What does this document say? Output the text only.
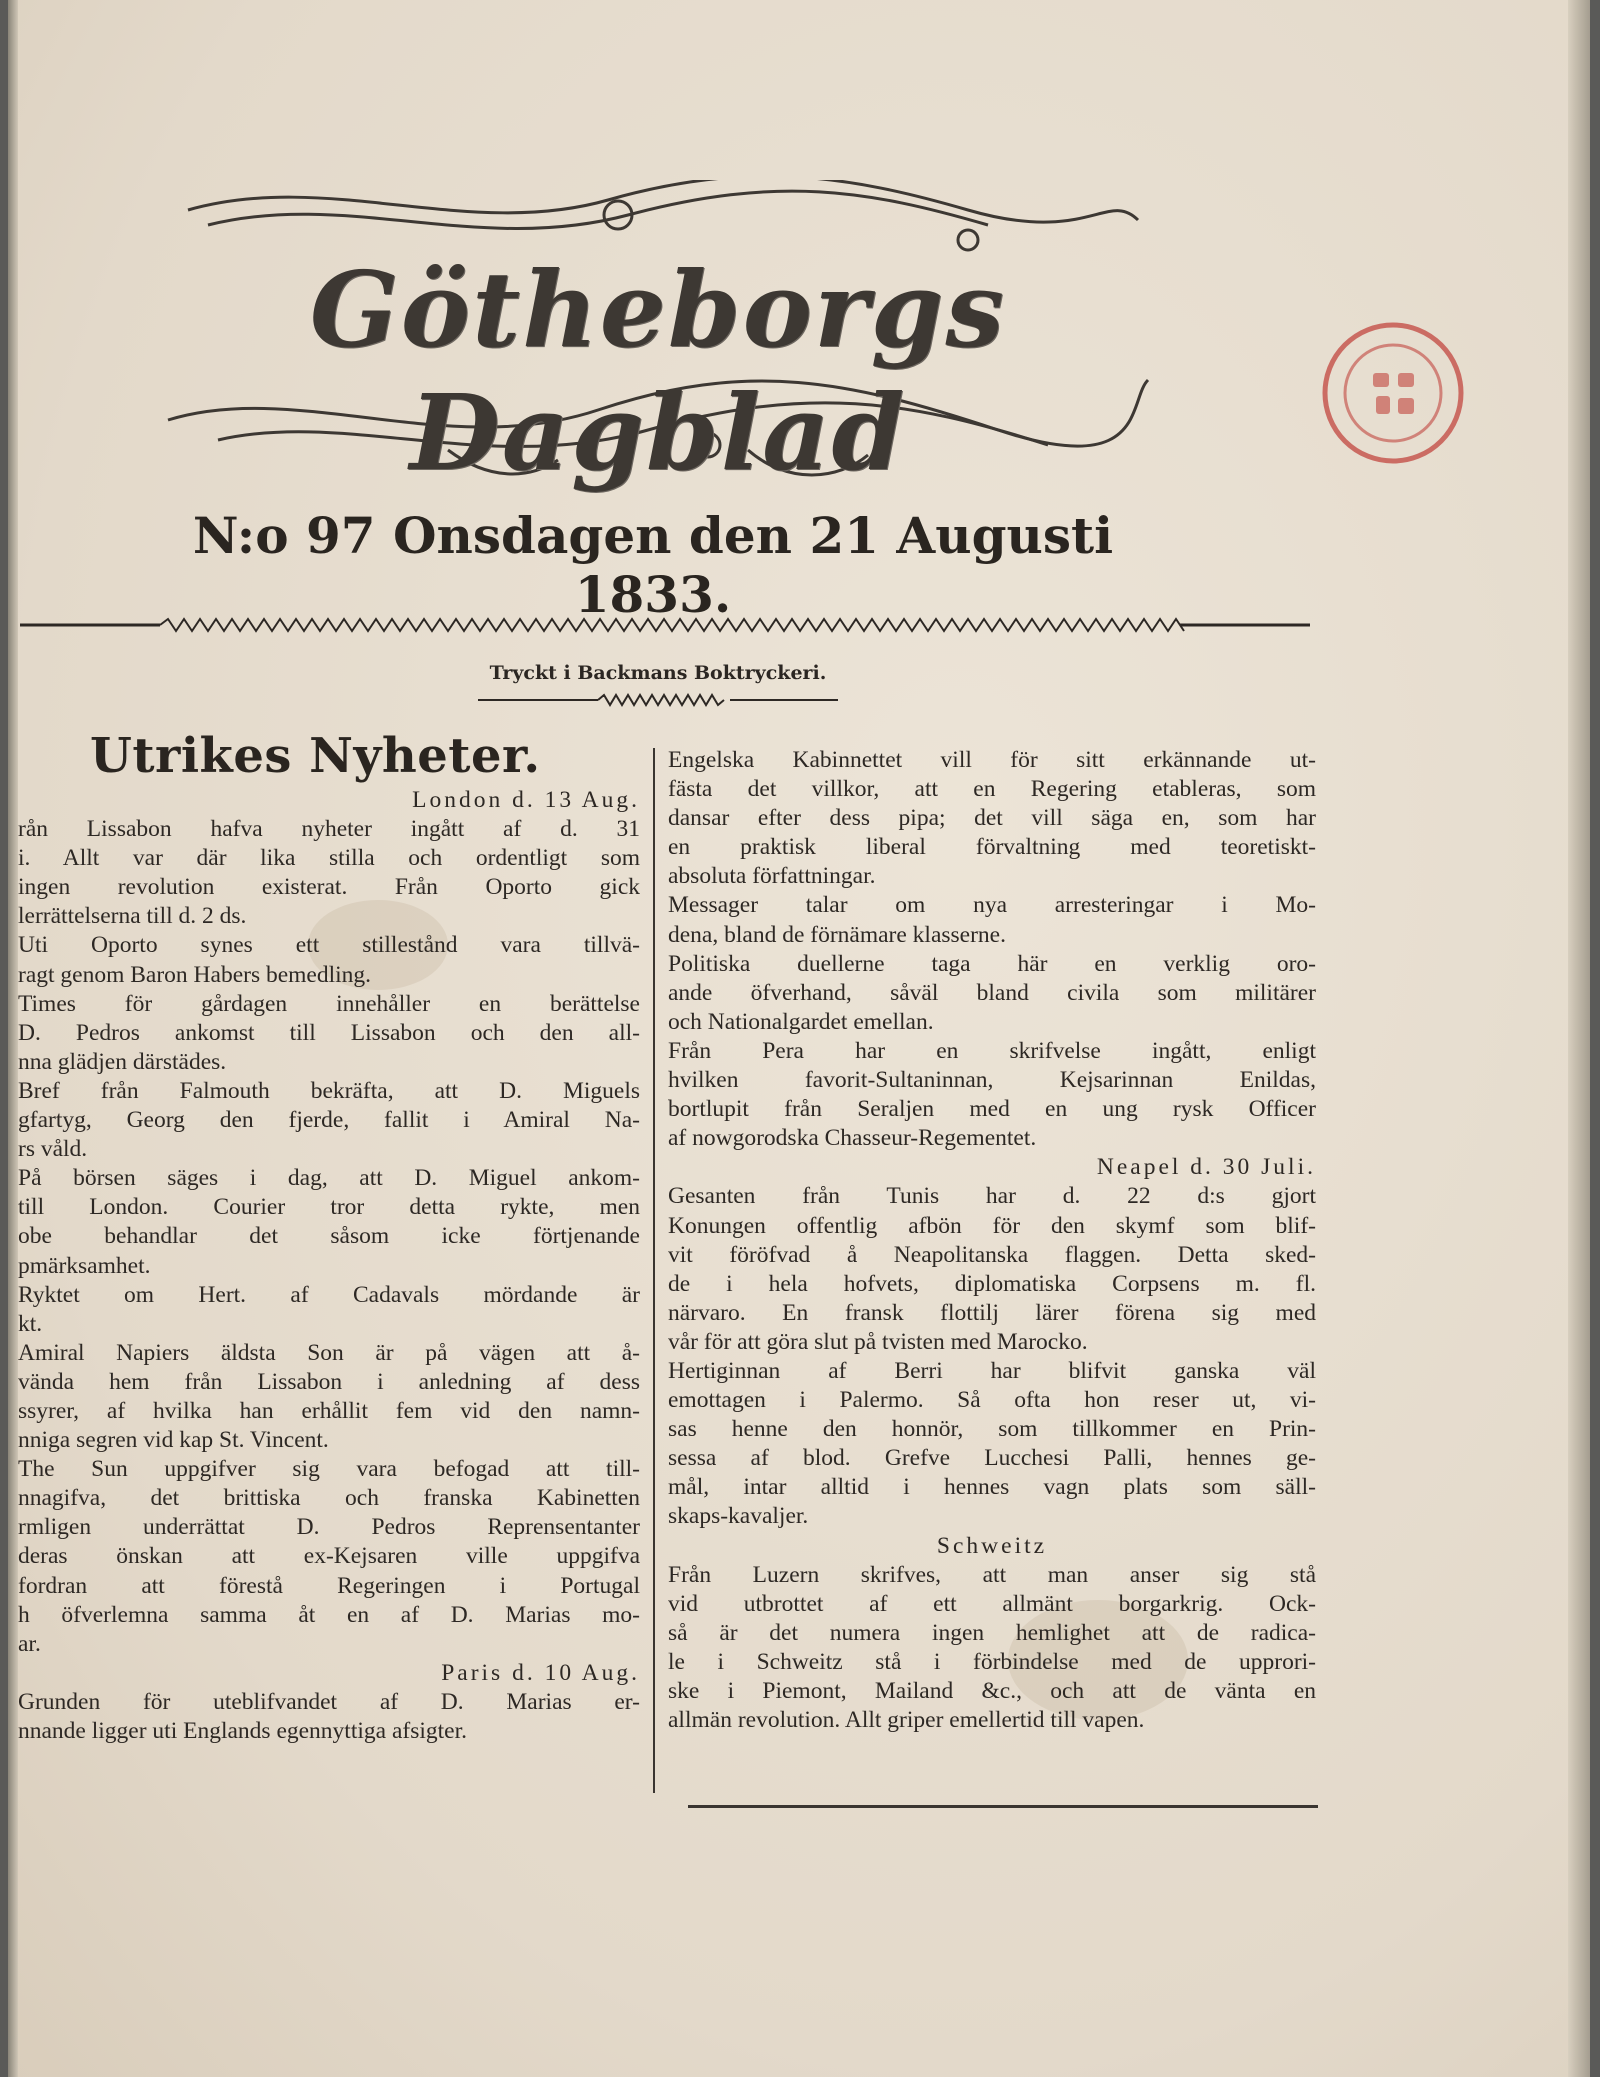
Götheborgs Dagblad
N:o 97 Onsdagen den 21 Augusti 1833.
Tryckt i Backmans Boktryckeri.
Utrikes Nyheter.
London d. 13 Aug.
rån Lissabon hafva nyheter ingått af d. 31
i. Allt var där lika stilla och ordentligt som
ingen revolution existerat. Från Oporto gick
lerrättelserna till d. 2 ds.
Uti Oporto synes ett stillestånd vara tillvä-
ragt genom Baron Habers bemedling.
Times för gårdagen innehåller en berättelse
D. Pedros ankomst till Lissabon och den all-
nna glädjen därstädes.
Bref från Falmouth bekräfta, att D. Miguels
gfartyg, Georg den fjerde, fallit i Amiral Na-
rs våld.
På börsen säges i dag, att D. Miguel ankom-
till London. Courier tror detta rykte, men
obe behandlar det såsom icke förtjenande
pmärksamhet.
Ryktet om Hert. af Cadavals mördande är
kt.
Amiral Napiers äldsta Son är på vägen att å-
vända hem från Lissabon i anledning af dess
ssyrer, af hvilka han erhållit fem vid den namn-
nniga segren vid kap St. Vincent.
The Sun uppgifver sig vara befogad att till-
nnagifva, det brittiska och franska Kabinetten
rmligen underrättat D. Pedros Reprensentanter
deras önskan att ex-Kejsaren ville uppgifva
fordran att förestå Regeringen i Portugal
h öfverlemna samma åt en af D. Marias mo-
ar.
Paris d. 10 Aug.
Grunden för uteblifvandet af D. Marias er-
nnande ligger uti Englands egennyttiga afsigter.
Engelska Kabinnettet vill för sitt erkännande ut-
fästa det villkor, att en Regering etableras, som
dansar efter dess pipa; det vill säga en, som har
en praktisk liberal förvaltning med teoretiskt-
absoluta författningar.
Messager talar om nya arresteringar i Mo-
dena, bland de förnämare klasserne.
Politiska duellerne taga här en verklig oro-
ande öfverhand, såväl bland civila som militärer
och Nationalgardet emellan.
Från Pera har en skrifvelse ingått, enligt
hvilken favorit-Sultaninnan, Kejsarinnan Enildas,
bortlupit från Seraljen med en ung rysk Officer
af nowgorodska Chasseur-Regementet.
Neapel d. 30 Juli.
Gesanten från Tunis har d. 22 d:s gjort
Konungen offentlig afbön för den skymf som blif-
vit föröfvad å Neapolitanska flaggen. Detta sked-
de i hela hofvets, diplomatiska Corpsens m. fl.
närvaro. En fransk flottilj lärer förena sig med
vår för att göra slut på tvisten med Marocko.
Hertiginnan af Berri har blifvit ganska väl
emottagen i Palermo. Så ofta hon reser ut, vi-
sas henne den honnör, som tillkommer en Prin-
sessa af blod. Grefve Lucchesi Palli, hennes ge-
mål, intar alltid i hennes vagn plats som säll-
skaps-kavaljer.
Schweitz
Från Luzern skrifves, att man anser sig stå
vid utbrottet af ett allmänt borgarkrig. Ock-
så är det numera ingen hemlighet att de radica-
le i Schweitz stå i förbindelse med de upprori-
ske i Piemont, Mailand &c., och att de vänta en
allmän revolution. Allt griper emellertid till vapen.
